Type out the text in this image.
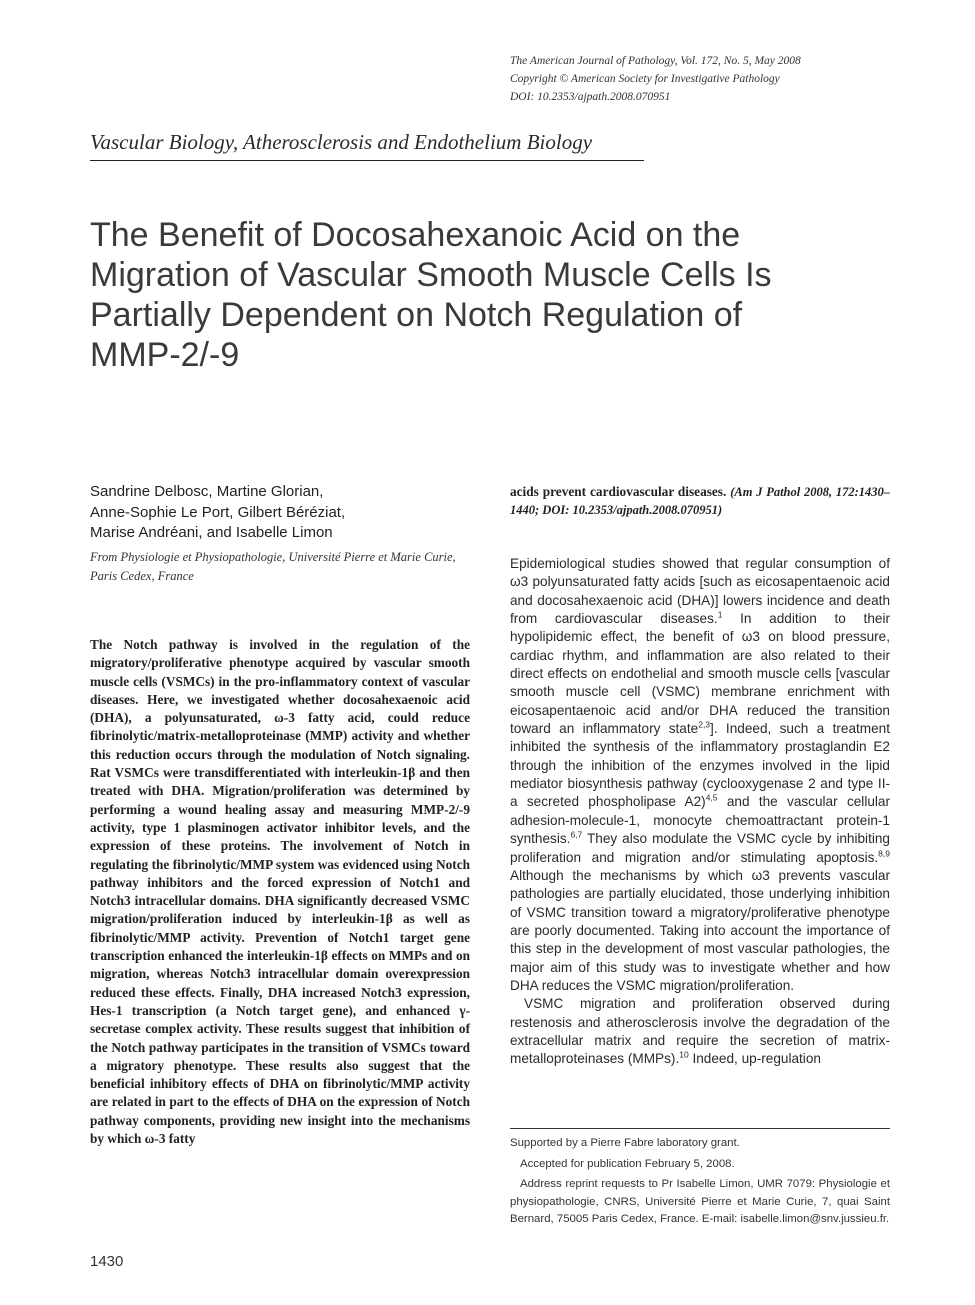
The American Journal of Pathology, Vol. 172, No. 5, May 2008
Copyright © American Society for Investigative Pathology
DOI: 10.2353/ajpath.2008.070951
Vascular Biology, Atherosclerosis and Endothelium Biology
The Benefit of Docosahexanoic Acid on the
Migration of Vascular Smooth Muscle Cells Is
Partially Dependent on Notch Regulation of
MMP-2/-9
Sandrine Delbosc, Martine Glorian,
Anne-Sophie Le Port, Gilbert Béréziat,
Marise Andréani, and Isabelle Limon
From Physiologie et Physiopathologie, Université Pierre et Marie Curie, Paris Cedex, France
The Notch pathway is involved in the regulation of the migratory/proliferative phenotype acquired by vascular smooth muscle cells (VSMCs) in the pro-inflammatory context of vascular diseases. Here, we investigated whether docosahexaenoic acid (DHA), a polyunsaturated, ω-3 fatty acid, could reduce fibrinolytic/matrix-metalloproteinase (MMP) activity and whether this reduction occurs through the modulation of Notch signaling. Rat VSMCs were transdifferentiated with interleukin-1β and then treated with DHA. Migration/proliferation was determined by performing a wound healing assay and measuring MMP-2/-9 activity, type 1 plasminogen activator inhibitor levels, and the expression of these proteins. The involvement of Notch in regulating the fibrinolytic/MMP system was evidenced using Notch pathway inhibitors and the forced expression of Notch1 and Notch3 intracellular domains. DHA significantly decreased VSMC migration/proliferation induced by interleukin-1β as well as fibrinolytic/MMP activity. Prevention of Notch1 target gene transcription enhanced the interleukin-1β effects on MMPs and on migration, whereas Notch3 intracellular domain overexpression reduced these effects. Finally, DHA increased Notch3 expression, Hes-1 transcription (a Notch target gene), and enhanced γ-secretase complex activity. These results suggest that inhibition of the Notch pathway participates in the transition of VSMCs toward a migratory phenotype. These results also suggest that the beneficial inhibitory effects of DHA on fibrinolytic/MMP activity are related in part to the effects of DHA on the expression of Notch pathway components, providing new insight into the mechanisms by which ω-3 fatty
acids prevent cardiovascular diseases. (Am J Pathol 2008, 172:1430–1440; DOI: 10.2353/ajpath.2008.070951)

Epidemiological studies showed that regular consumption of ω3 polyunsaturated fatty acids [such as eicosapentaenoic acid and docosahexaenoic acid (DHA)] lowers incidence and death from cardiovascular diseases.$^1$ In addition to their hypolipidemic effect, the benefit of ω3 on blood pressure, cardiac rhythm, and inflammation are also related to their direct effects on endothelial and smooth muscle cells [vascular smooth muscle cell (VSMC) membrane enrichment with eicosapentaenoic acid and/or DHA reduced the transition toward an inflammatory state$^{2,3}$]. Indeed, such a treatment inhibited the synthesis of the inflammatory prostaglandin E2 through the inhibition of the enzymes involved in the lipid mediator biosynthesis pathway (cyclooxygenase 2 and type II-a secreted phospholipase A2)$^{4,5}$ and the vascular cellular adhesion-molecule-1, monocyte chemoattractant protein-1 synthesis.$^{6,7}$ They also modulate the VSMC cycle by inhibiting proliferation and migration and/or stimulating apoptosis.$^{8,9}$ Although the mechanisms by which ω3 prevents vascular pathologies are partially elucidated, those underlying inhibition of VSMC transition toward a migratory/proliferative phenotype are poorly documented. Taking into account the importance of this step in the development of most vascular pathologies, the major aim of this study was to investigate whether and how DHA reduces the VSMC migration/proliferation.

VSMC migration and proliferation observed during restenosis and atherosclerosis involve the degradation of the extracellular matrix and require the secretion of matrix-metalloproteinases (MMPs).$^{10}$ Indeed, up-regulation

Supported by a Pierre Fabre laboratory grant.

Accepted for publication February 5, 2008.

Address reprint requests to Pr Isabelle Limon, UMR 7079: Physiologie et physiopathologie, CNRS, Université Pierre et Marie Curie, 7, quai Saint Bernard, 75005 Paris Cedex, France. E-mail: isabelle.limon@snv.jussieu.fr.

1430
